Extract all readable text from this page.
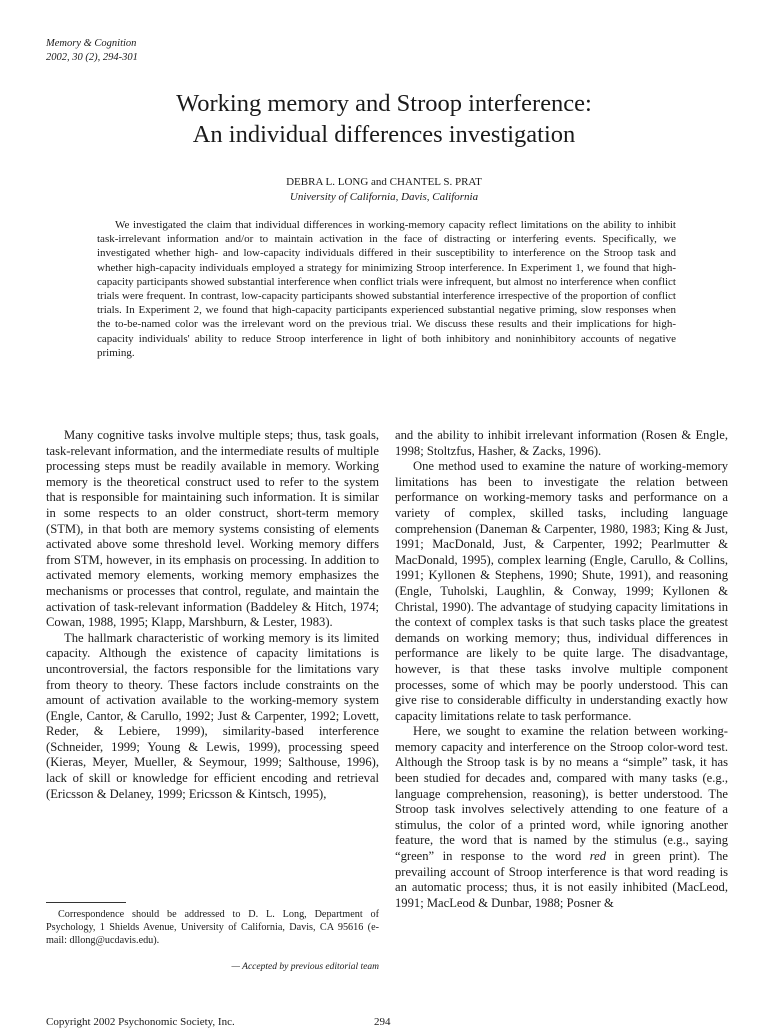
Memory & Cognition
2002, 30 (2), 294-301
Working memory and Stroop interference:
An individual differences investigation
DEBRA L. LONG and CHANTEL S. PRAT
University of California, Davis, California

We investigated the claim that individual differences in working-memory capacity reflect limitations on the ability to inhibit task-irrelevant information and/or to maintain activation in the face of distracting or interfering events. Specifically, we investigated whether high- and low-capacity individuals differed in their susceptibility to interference on the Stroop task and whether high-capacity individuals employed a strategy for minimizing Stroop interference. In Experiment 1, we found that high-capacity participants showed substantial interference when conflict trials were infrequent, but almost no interference when conflict trials were frequent. In contrast, low-capacity participants showed substantial interference irrespective of the proportion of conflict trials. In Experiment 2, we found that high-capacity participants experienced substantial negative priming, slow responses when the to-be-named color was the irrelevant word on the previous trial. We discuss these results and their implications for high-capacity individuals' ability to reduce Stroop interference in light of both inhibitory and noninhibitory accounts of negative priming.

Many cognitive tasks involve multiple steps; thus, task goals, task-relevant information, and the intermediate results of multiple processing steps must be readily available in memory. Working memory is the theoretical construct used to refer to the system that is responsible for maintaining such information. It is similar in some respects to an older construct, short-term memory (STM), in that both are memory systems consisting of elements activated above some threshold level. Working memory differs from STM, however, in its emphasis on processing. In addition to activated memory elements, working memory emphasizes the mechanisms or processes that control, regulate, and maintain the activation of task-relevant information (Baddeley & Hitch, 1974; Cowan, 1988, 1995; Klapp, Marshburn, & Lester, 1983).

The hallmark characteristic of working memory is its limited capacity. Although the existence of capacity limitations is uncontroversial, the factors responsible for the limitations vary from theory to theory. These factors include constraints on the amount of activation available to the working-memory system (Engle, Cantor, & Carullo, 1992; Just & Carpenter, 1992; Lovett, Reder, & Lebiere, 1999), similarity-based interference (Schneider, 1999; Young & Lewis, 1999), processing speed (Kieras, Meyer, Mueller, & Seymour, 1999; Salthouse, 1996), lack of skill or knowledge for efficient encoding and retrieval (Ericsson & Delaney, 1999; Ericsson & Kintsch, 1995),

and the ability to inhibit irrelevant information (Rosen & Engle, 1998; Stoltzfus, Hasher, & Zacks, 1996).

One method used to examine the nature of working-memory limitations has been to investigate the relation between performance on working-memory tasks and performance on a variety of complex, skilled tasks, including language comprehension (Daneman & Carpenter, 1980, 1983; King & Just, 1991; MacDonald, Just, & Carpenter, 1992; Pearlmutter & MacDonald, 1995), complex learning (Engle, Carullo, & Collins, 1991; Kyllonen & Stephens, 1990; Shute, 1991), and reasoning (Engle, Tuholski, Laughlin, & Conway, 1999; Kyllonen & Christal, 1990). The advantage of studying capacity limitations in the context of complex tasks is that such tasks place the greatest demands on working memory; thus, individual differences in performance are likely to be quite large. The disadvantage, however, is that these tasks involve multiple component processes, some of which may be poorly understood. This can give rise to considerable difficulty in understanding exactly how capacity limitations relate to task performance.

Here, we sought to examine the relation between working-memory capacity and interference on the Stroop color-word test. Although the Stroop task is by no means a “simple” task, it has been studied for decades and, compared with many tasks (e.g., language comprehension, reasoning), is better understood. The Stroop task involves selectively attending to one feature of a stimulus, the color of a printed word, while ignoring another feature, the word that is named by the stimulus (e.g., saying “green” in response to the word red in green print). The prevailing account of Stroop interference is that word reading is an automatic process; thus, it is not easily inhibited (MacLeod, 1991; MacLeod & Dunbar, 1988; Posner &

Correspondence should be addressed to D. L. Long, Department of Psychology, 1 Shields Avenue, University of California, Davis, CA 95616 (e-mail: dllong@ucdavis.edu).

— Accepted by previous editorial team
Copyright 2002 Psychonomic Society, Inc.	294
